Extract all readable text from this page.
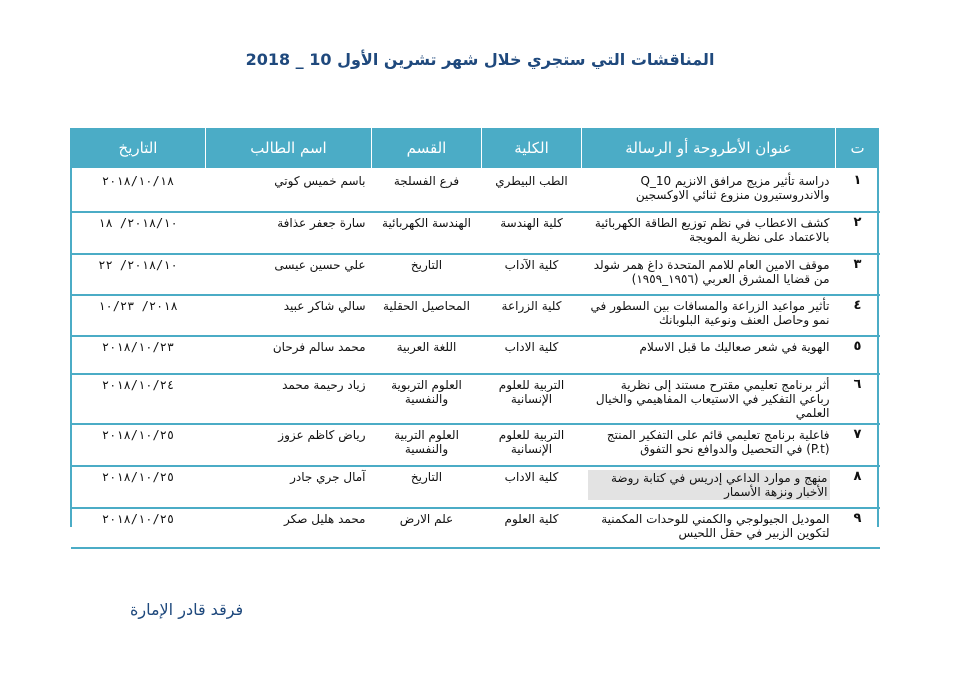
المناقشات التي ستجري خلال شهر تشرين الأول 10 _ 2018
ت	عنوان الأطروحة أو الرسالة	الكلية	القسم	اسم الطالب	التاريخ
١	دراسة تأثير مزيج مرافق الانزيم Q_10 والاندروستيرون منزوع ثنائي الاوكسجين	الطب البيطري	فرع الفسلجة	باسم خميس كوتي	٢٠١٨/١٠/١٨
٢	كشف الاعطاب في نظم توزيع الطاقة الكهربائية بالاعتماد على نظرية المويجة	كلية الهندسة	الهندسة الكهربائية	سارة جعفر عذافة	٢٠١٨/١٠/ ١٨
٣	موقف الامين العام للامم المتحدة داغ همر شولد من قضايا المشرق العربي (١٩٥٦_١٩٥٩)	كلية الآداب	التاريخ	علي حسين عيسى	٢٠١٨/١٠/ ٢٢
٤	تأثير مواعيد الزراعة والمسافات بين السطور في نمو وحاصل العنف ونوعية البلوبانك	كلية الزراعة	المحاصيل الحقلية	سالي شاكر عبيد	٢٠١٨/ ١٠/٢٣
٥	الهوية في شعر صعاليك ما قبل الاسلام	كلية الاداب	اللغة العربية	محمد سالم فرحان	٢٠١٨/١٠/٢٣
٦	أثر برنامج تعليمي مقترح مستند إلى نظرية رباعي التفكير في الاستيعاب المفاهيمي والخيال العلمي	التربية للعلوم الإنسانية	العلوم التربوية والنفسية	زياد رحيمة محمد	٢٠١٨/١٠/٢٤
٧	فاعلية برنامج تعليمي قائم على التفكير المنتج (P.t) في التحصيل والدوافع نحو التفوق	التربية للعلوم الإنسانية	العلوم التربية والنفسية	رياض كاظم عزوز	٢٠١٨/١٠/٢٥
٨	منهج و موارد الداعي إدريس في كتابة روضة الأخبار ونزهة الأسمار	كلية الاداب	التاريخ	آمال جري جادر	٢٠١٨/١٠/٢٥
٩	الموديل الجيولوجي والكمني للوحدات المكمنية لتكوين الزبير في حقل اللحيس	كلية العلوم	علم الارض	محمد هليل صكر	٢٠١٨/١٠/٢٥
فرقد قادر الإمارة
